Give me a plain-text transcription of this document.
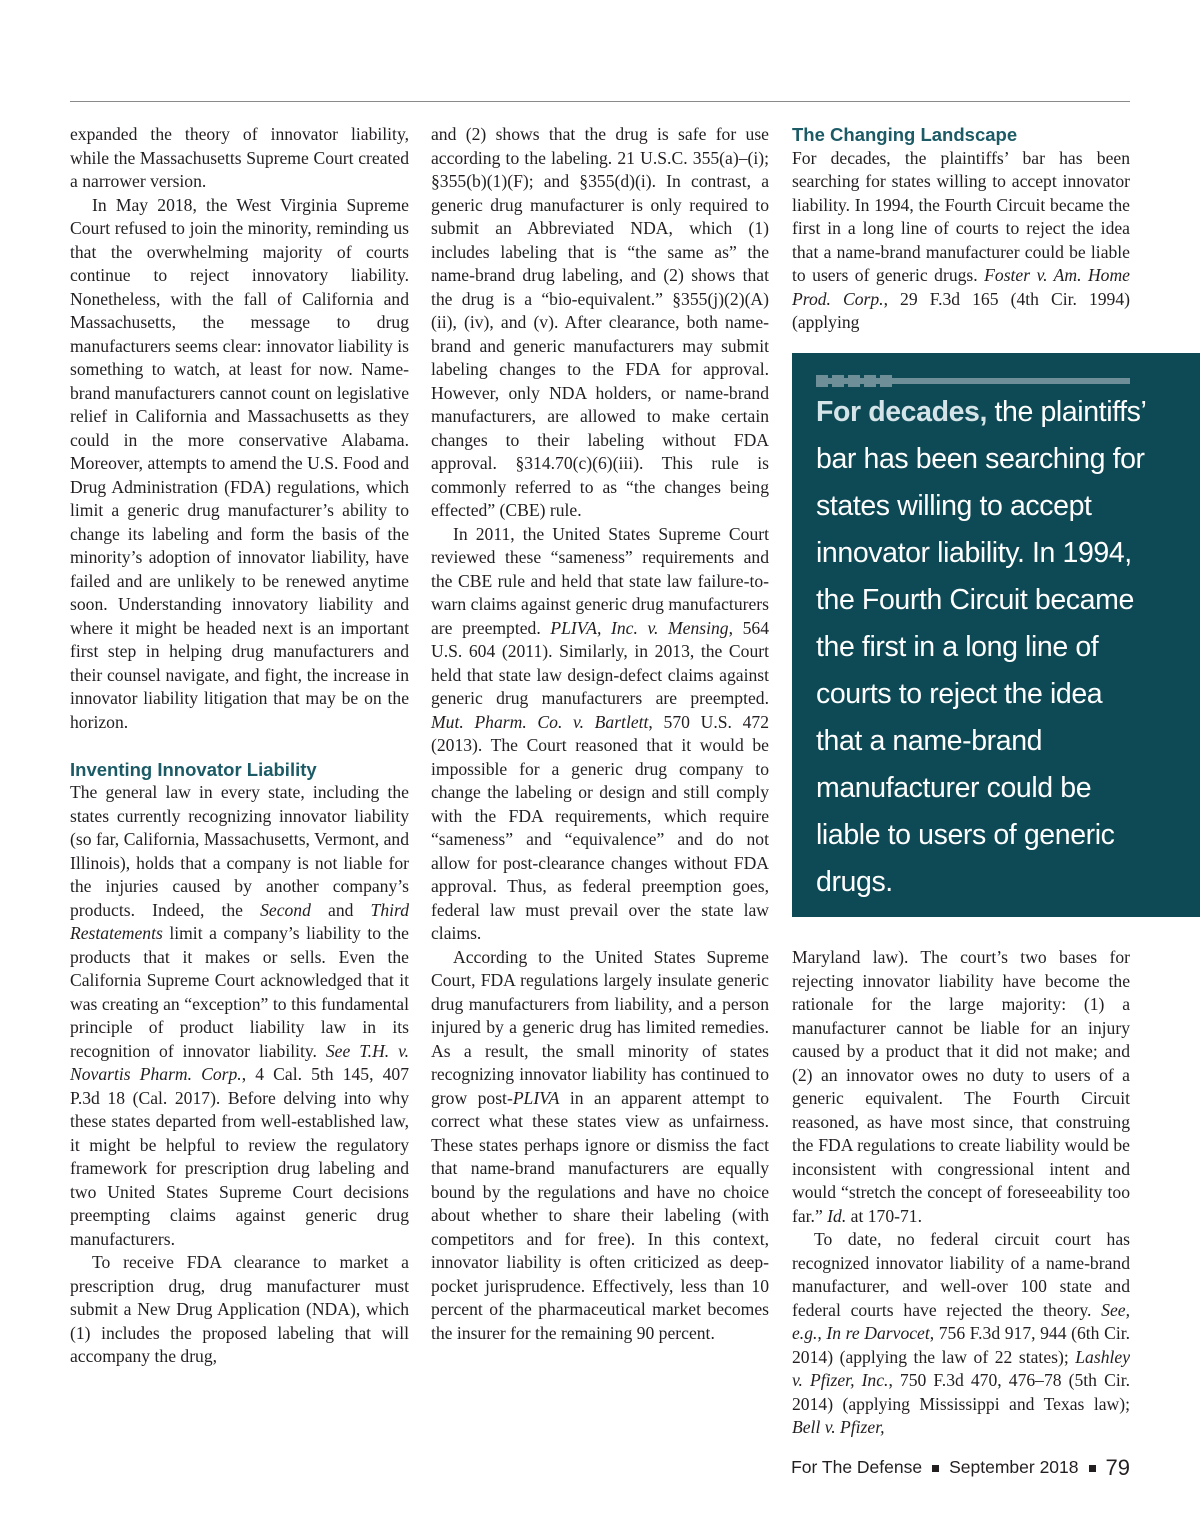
expanded the theory of innovator liability, while the Massachusetts Supreme Court created a narrower version.

In May 2018, the West Virginia Supreme Court refused to join the minority, reminding us that the overwhelming majority of courts continue to reject innovatory liability. Nonetheless, with the fall of California and Massachusetts, the message to drug manufacturers seems clear: innovator liability is something to watch, at least for now. Name-brand manufacturers cannot count on legislative relief in California and Massachusetts as they could in the more conservative Alabama. Moreover, attempts to amend the U.S. Food and Drug Administration (FDA) regulations, which limit a generic drug manufacturer’s ability to change its labeling and form the basis of the minority’s adoption of innovator liability, have failed and are unlikely to be renewed anytime soon. Understanding innovatory liability and where it might be headed next is an important first step in helping drug manufacturers and their counsel navigate, and fight, the increase in innovator liability litigation that may be on the horizon.

Inventing Innovator Liability

The general law in every state, including the states currently recognizing innovator liability (so far, California, Massachusetts, Vermont, and Illinois), holds that a company is not liable for the injuries caused by another company’s products. Indeed, the Second and Third Restatements limit a company’s liability to the products that it makes or sells. Even the California Supreme Court acknowledged that it was creating an “exception” to this fundamental principle of product liability law in its recognition of innovator liability. See T.H. v. Novartis Pharm. Corp., 4 Cal. 5th 145, 407 P.3d 18 (Cal. 2017). Before delving into why these states departed from well-established law, it might be helpful to review the regulatory framework for prescription drug labeling and two United States Supreme Court decisions preempting claims against generic drug manufacturers.

To receive FDA clearance to market a prescription drug, drug manufacturer must submit a New Drug Application (NDA), which (1) includes the proposed labeling that will accompany the drug,

and (2) shows that the drug is safe for use according to the labeling. 21 U.S.C. 355(a)–(i); §355(b)(1)(F); and §355(d)(i). In contrast, a generic drug manufacturer is only required to submit an Abbreviated NDA, which (1) includes labeling that is “the same as” the name-brand drug labeling, and (2) shows that the drug is a “bio-equivalent.” §355(j)(2)(A)(ii), (iv), and (v). After clearance, both name-brand and generic manufacturers may submit labeling changes to the FDA for approval. However, only NDA holders, or name-brand manufacturers, are allowed to make certain changes to their labeling without FDA approval. §314.70(c)(6)(iii). This rule is commonly referred to as “the changes being effected” (CBE) rule.

In 2011, the United States Supreme Court reviewed these “sameness” requirements and the CBE rule and held that state law failure-to-warn claims against generic drug manufacturers are preempted. PLIVA, Inc. v. Mensing, 564 U.S. 604 (2011). Similarly, in 2013, the Court held that state law design-defect claims against generic drug manufacturers are preempted. Mut. Pharm. Co. v. Bartlett, 570 U.S. 472 (2013). The Court reasoned that it would be impossible for a generic drug company to change the labeling or design and still comply with the FDA requirements, which require “sameness” and “equivalence” and do not allow for post-clearance changes without FDA approval. Thus, as federal preemption goes, federal law must prevail over the state law claims.

According to the United States Supreme Court, FDA regulations largely insulate generic drug manufacturers from liability, and a person injured by a generic drug has limited remedies. As a result, the small minority of states recognizing innovator liability has continued to grow post-PLIVA in an apparent attempt to correct what these states view as unfairness. These states perhaps ignore or dismiss the fact that name-brand manufacturers are equally bound by the regulations and have no choice about whether to share their labeling (with competitors and for free). In this context, innovator liability is often criticized as deep-pocket jurisprudence. Effectively, less than 10 percent of the pharmaceutical market becomes the insurer for the remaining 90 percent.

The Changing Landscape

For decades, the plaintiffs’ bar has been searching for states willing to accept innovator liability. In 1994, the Fourth Circuit became the first in a long line of courts to reject the idea that a name-brand manufacturer could be liable to users of generic drugs. Foster v. Am. Home Prod. Corp., 29 F.3d 165 (4th Cir. 1994) (applying

For decades, the plaintiffs’ bar has been searching for states willing to accept innovator liability. In 1994, the Fourth Circuit became the first in a long line of courts to reject the idea that a name-brand manufacturer could be liable to users of generic drugs.

Maryland law). The court’s two bases for rejecting innovator liability have become the rationale for the large majority: (1) a manufacturer cannot be liable for an injury caused by a product that it did not make; and (2) an innovator owes no duty to users of a generic equivalent. The Fourth Circuit reasoned, as have most since, that construing the FDA regulations to create liability would be inconsistent with congressional intent and would “stretch the concept of foreseeability too far.” Id. at 170-71.

To date, no federal circuit court has recognized innovator liability of a name-brand manufacturer, and well-over 100 state and federal courts have rejected the theory. See, e.g., In re Darvocet, 756 F.3d 917, 944 (6th Cir. 2014) (applying the law of 22 states); Lashley v. Pfizer, Inc., 750 F.3d 470, 476–78 (5th Cir. 2014) (applying Mississippi and Texas law); Bell v. Pfizer,

For The Defense September 2018 79
